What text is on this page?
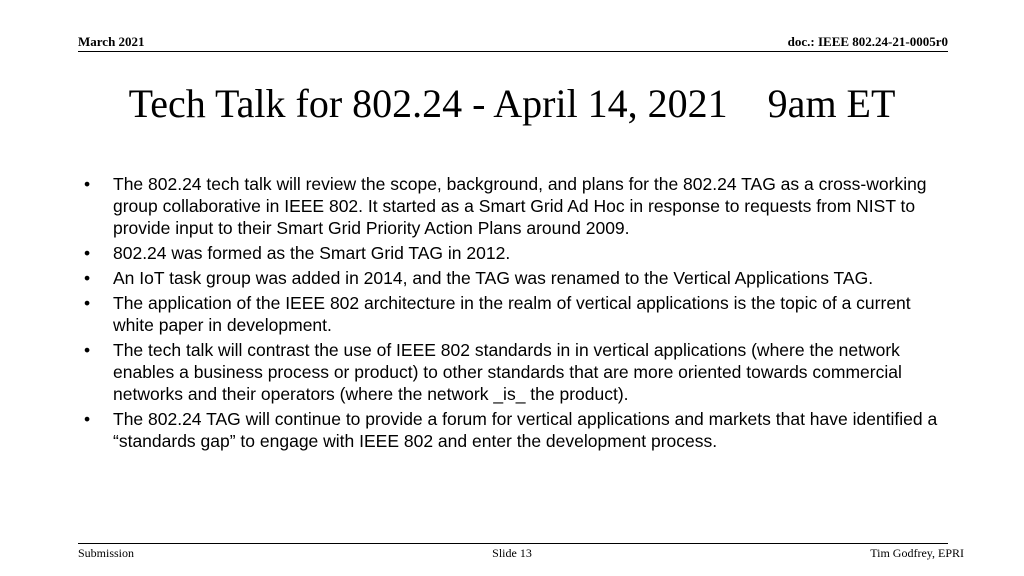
March 2021	doc.: IEEE 802.24-21-0005r0
Tech Talk for 802.24 - April 14, 2021    9am ET
• The 802.24 tech talk will review the scope, background, and plans for the 802.24 TAG as a cross-working group collaborative in IEEE 802. It started as a Smart Grid Ad Hoc in response to requests from NIST to provide input to their Smart Grid Priority Action Plans around 2009.
• 802.24 was formed as the Smart Grid TAG in 2012.
• An IoT task group was added in 2014, and the TAG was renamed to the Vertical Applications TAG.
• The application of the IEEE 802 architecture in the realm of vertical applications is the topic of a current white paper in development.
• The tech talk will contrast the use of IEEE 802 standards in in vertical applications (where the network enables a business process or product) to other standards that are more oriented towards commercial networks and their operators (where the network _is_ the product).
• The 802.24 TAG will continue to provide a forum for vertical applications and markets that have identified a “standards gap” to engage with IEEE 802 and enter the development process.
Submission	Slide 13	Tim Godfrey, EPRI
